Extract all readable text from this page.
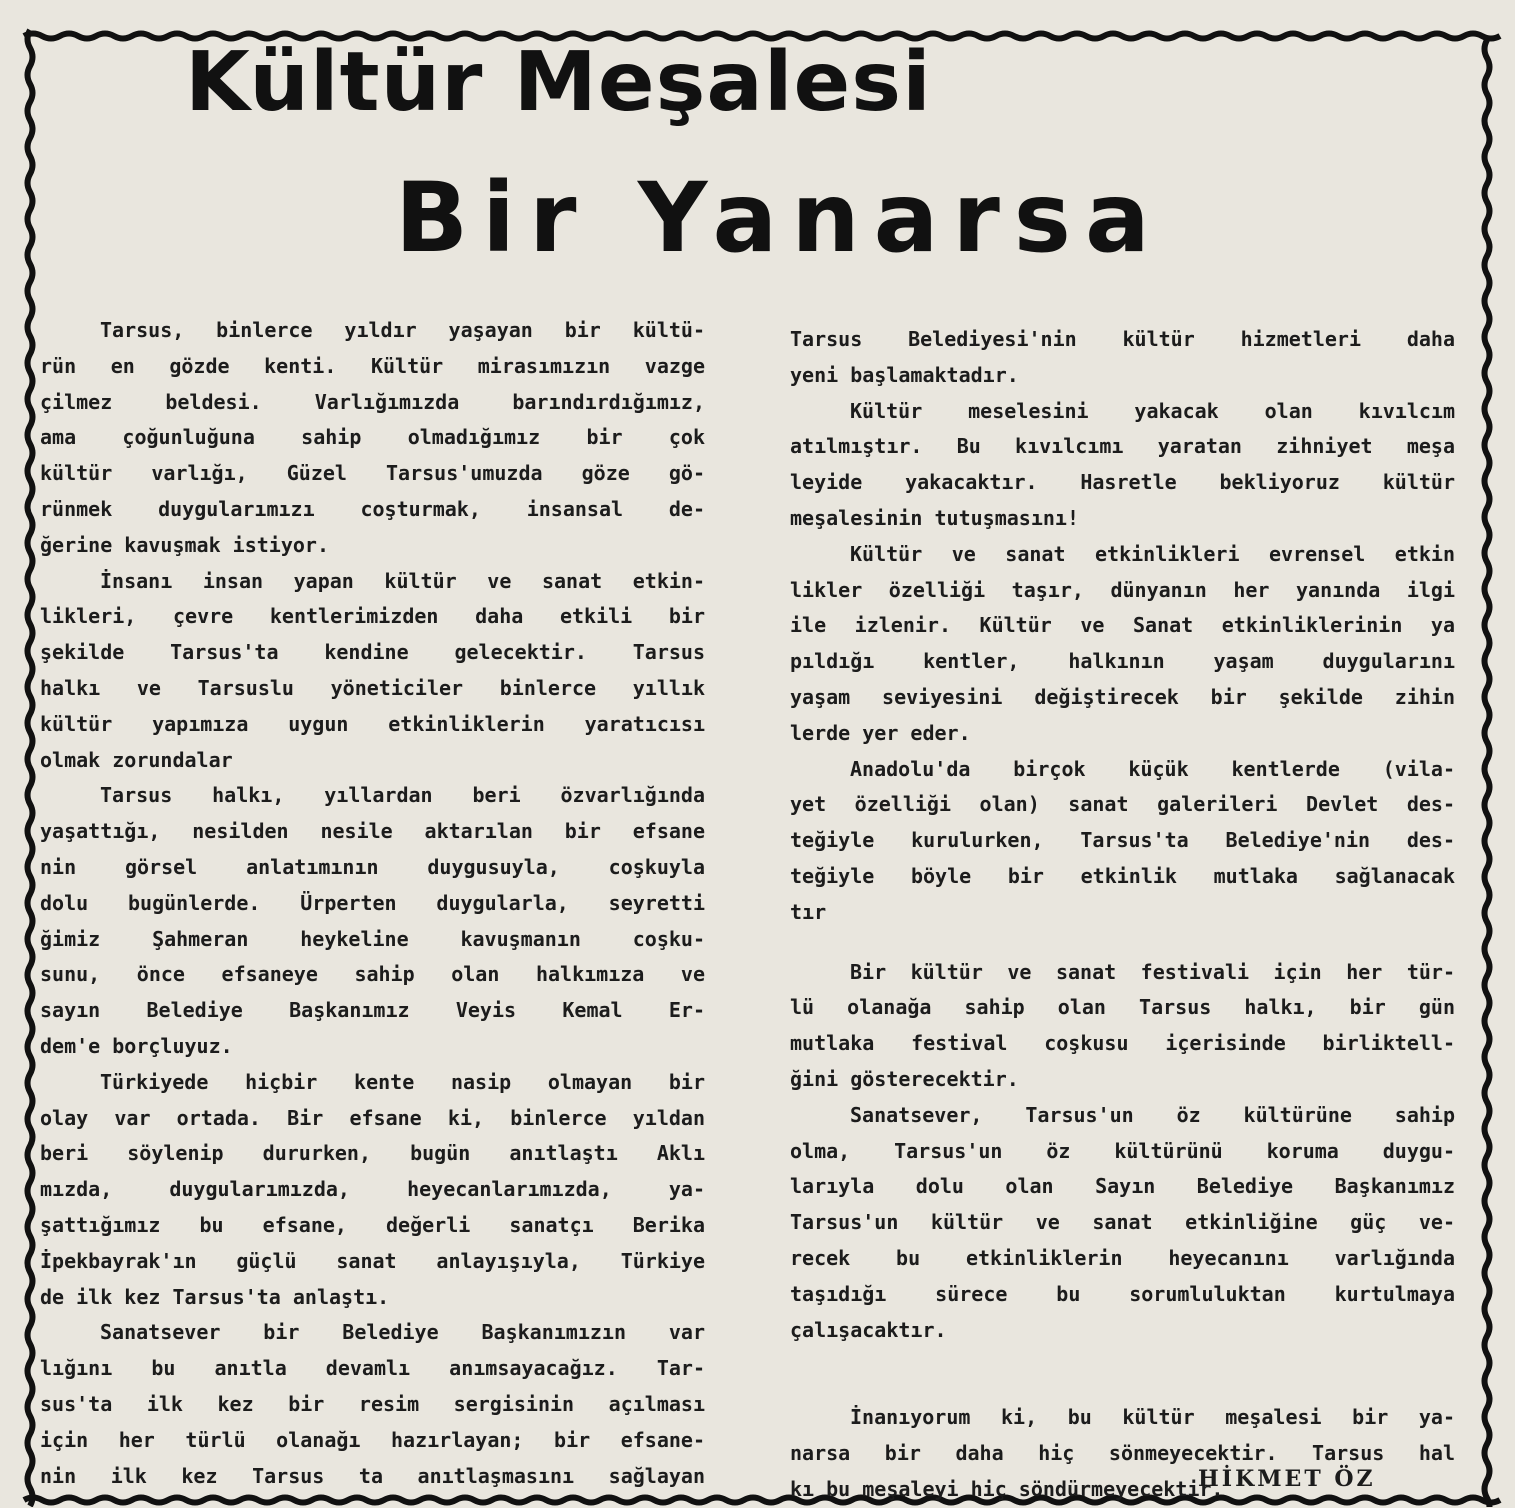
Kültür Meşalesi
Bir Yanarsa
Tarsus, binlerce yıldır yaşayan bir kültü-
rün en gözde kenti. Kültür mirasımızın vazge
çilmez beldesi. Varlığımızda barındırdığımız,
ama çoğunluğuna sahip olmadığımız bir çok
kültür varlığı, Güzel Tarsus'umuzda göze gö-
rünmek duygularımızı coşturmak, insansal de-
ğerine kavuşmak istiyor.
İnsanı insan yapan kültür ve sanat etkin-
likleri, çevre kentlerimizden daha etkili bir
şekilde Tarsus'ta kendine gelecektir. Tarsus
halkı ve Tarsuslu yöneticiler binlerce yıllık
kültür yapımıza uygun etkinliklerin yaratıcısı
olmak zorundalar
Tarsus halkı, yıllardan beri özvarlığında
yaşattığı, nesilden nesile aktarılan bir efsane
nin görsel anlatımının duygusuyla, coşkuyla
dolu bugünlerde. Ürperten duygularla, seyretti
ğimiz Şahmeran heykeline kavuşmanın coşku-
sunu, önce efsaneye sahip olan halkımıza ve
sayın Belediye Başkanımız Veyis Kemal Er-
dem'e borçluyuz.
Türkiyede hiçbir kente nasip olmayan bir
olay var ortada. Bir efsane ki, binlerce yıldan
beri söylenip dururken, bugün anıtlaştı Aklı
mızda, duygularımızda, heyecanlarımızda, ya-
şattığımız bu efsane, değerli sanatçı Berika
İpekbayrak'ın güçlü sanat anlayışıyla, Türkiye
de ilk kez Tarsus'ta anlaştı.
Sanatsever bir Belediye Başkanımızın var
lığını bu anıtla devamlı anımsayacağız. Tar-
sus'ta ilk kez bir resim sergisinin açılması
için her türlü olanağı hazırlayan; bir efsane-
nin ilk kez Tarsus ta anıtlaşmasını sağlayan
Tarsus Belediyesi'nin kültür hizmetleri daha
yeni başlamaktadır.
Kültür meselesini yakacak olan kıvılcım
atılmıştır. Bu kıvılcımı yaratan zihniyet meşa
leyide yakacaktır. Hasretle bekliyoruz kültür
meşalesinin tutuşmasını!
Kültür ve sanat etkinlikleri evrensel etkin
likler özelliği taşır, dünyanın her yanında ilgi
ile izlenir. Kültür ve Sanat etkinliklerinin ya
pıldığı kentler, halkının yaşam duygularını
yaşam seviyesini değiştirecek bir şekilde zihin
lerde yer eder.
Anadolu'da birçok küçük kentlerde (vila-
yet özelliği olan) sanat galerileri Devlet des-
teğiyle kurulurken, Tarsus'ta Belediye'nin des-
teğiyle böyle bir etkinlik mutlaka sağlanacak
tır
Bir kültür ve sanat festivali için her tür-
lü olanağa sahip olan Tarsus halkı, bir gün
mutlaka festival coşkusu içerisinde birliktell-
ğini gösterecektir.
Sanatsever, Tarsus'un öz kültürüne sahip
olma, Tarsus'un öz kültürünü koruma duygu-
larıyla dolu olan Sayın Belediye Başkanımız
Tarsus'un kültür ve sanat etkinliğine güç ve-
recek bu etkinliklerin heyecanını varlığında
taşıdığı sürece bu sorumluluktan kurtulmaya
çalışacaktır.
İnanıyorum ki, bu kültür meşalesi bir ya-
narsa bir daha hiç sönmeyecektir. Tarsus hal
kı bu meşaleyi hiç söndürmeyecektir.
HİKMET ÖZ
